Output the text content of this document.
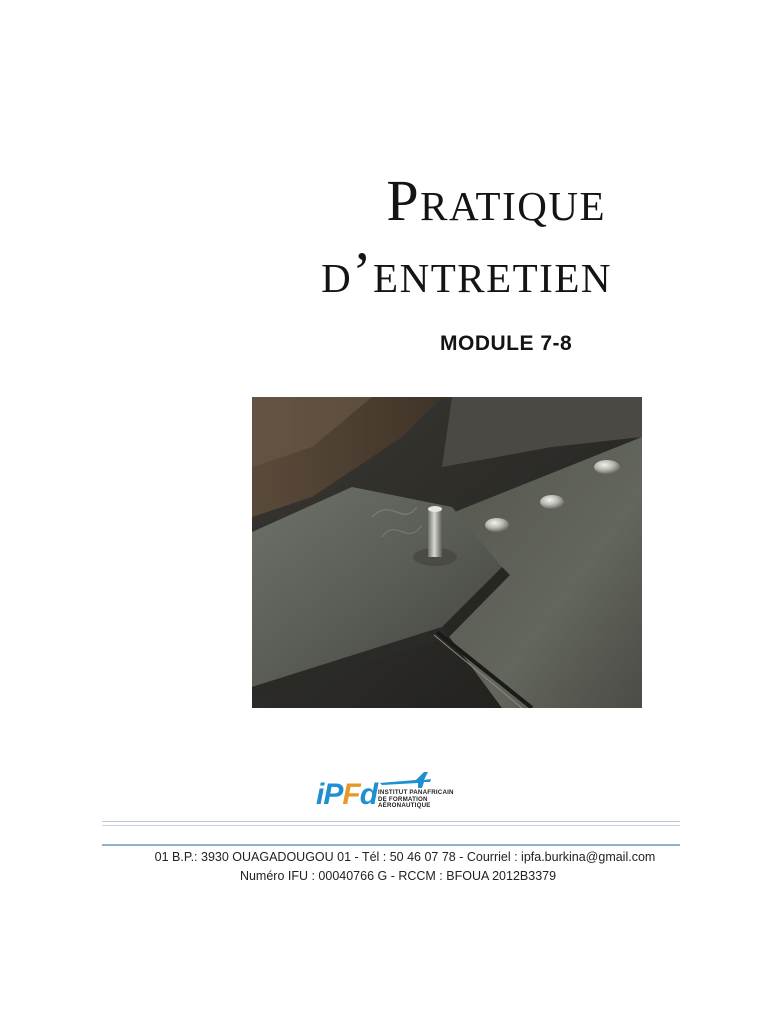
Pratique
d’entretien
MODULE 7-8
iPFd INSTITUT PANAFRICAIN
DE FORMATION
AÉRONAUTIQUE
01 B.P.: 3930 OUAGADOUGOU 01 - Tél : 50 46 07 78 - Courriel : ipfa.burkina@gmail.com
Numéro IFU : 00040766 G - RCCM : BFOUA 2012B3379
